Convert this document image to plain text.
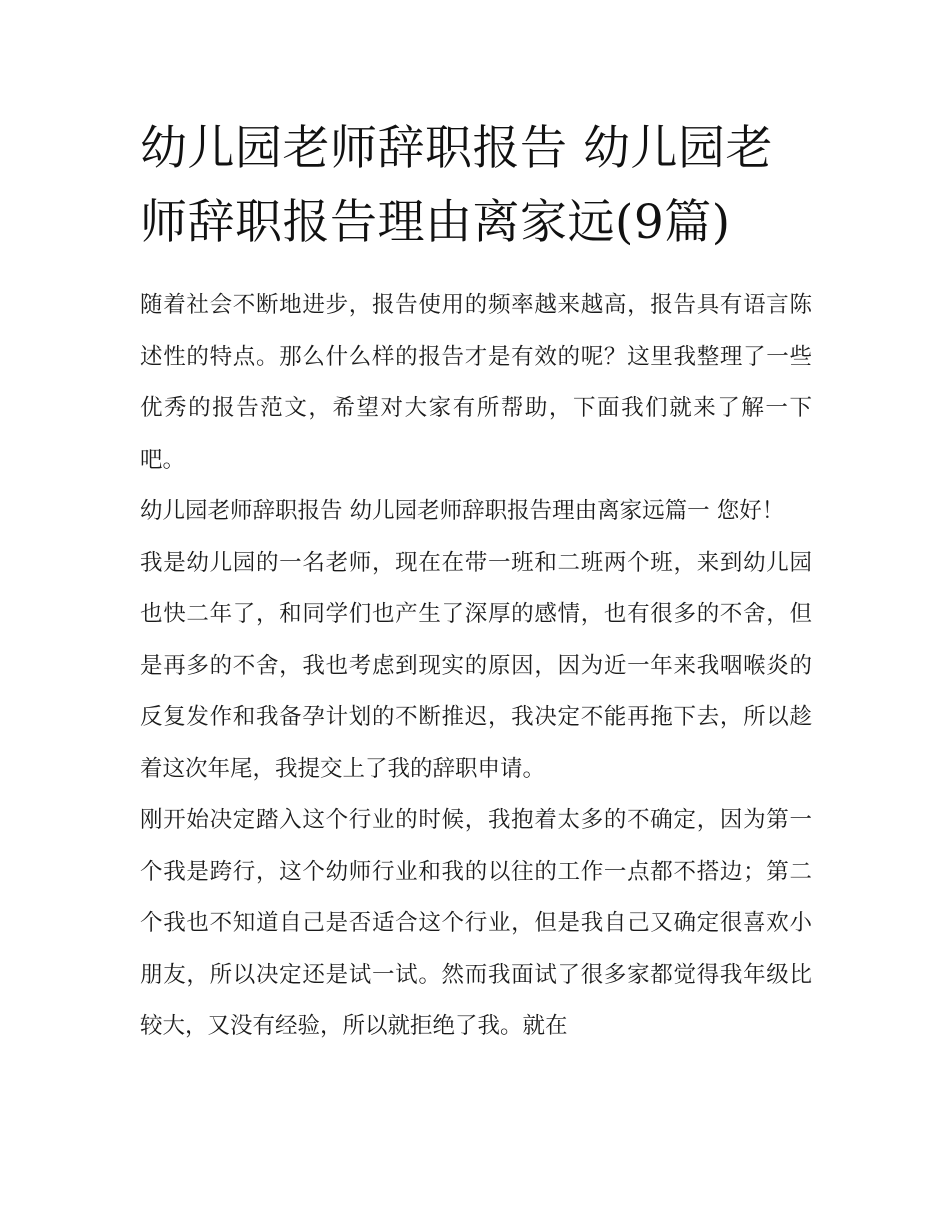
幼儿园老师辞职报告 幼儿园老师辞职报告理由离家远(9篇)

随着社会不断地进步，报告使用的频率越来越高，报告具有语言陈述性的特点。那么什么样的报告才是有效的呢？这里我整理了一些优秀的报告范文，希望对大家有所帮助，下面我们就来了解一下吧。

幼儿园老师辞职报告 幼儿园老师辞职报告理由离家远篇一 您好！

我是幼儿园的一名老师，现在在带一班和二班两个班，来到幼儿园也快二年了，和同学们也产生了深厚的感情，也有很多的不舍，但是再多的不舍，我也考虑到现实的原因，因为近一年来我咽喉炎的反复发作和我备孕计划的不断推迟，我决定不能再拖下去，所以趁着这次年尾，我提交上了我的辞职申请。

刚开始决定踏入这个行业的时候，我抱着太多的不确定，因为第一个我是跨行，这个幼师行业和我的以往的工作一点都不搭边；第二个我也不知道自己是否适合这个行业，但是我自己又确定很喜欢小朋友，所以决定还是试一试。然而我面试了很多家都觉得我年级比较大，又没有经验，所以就拒绝了我。就在
